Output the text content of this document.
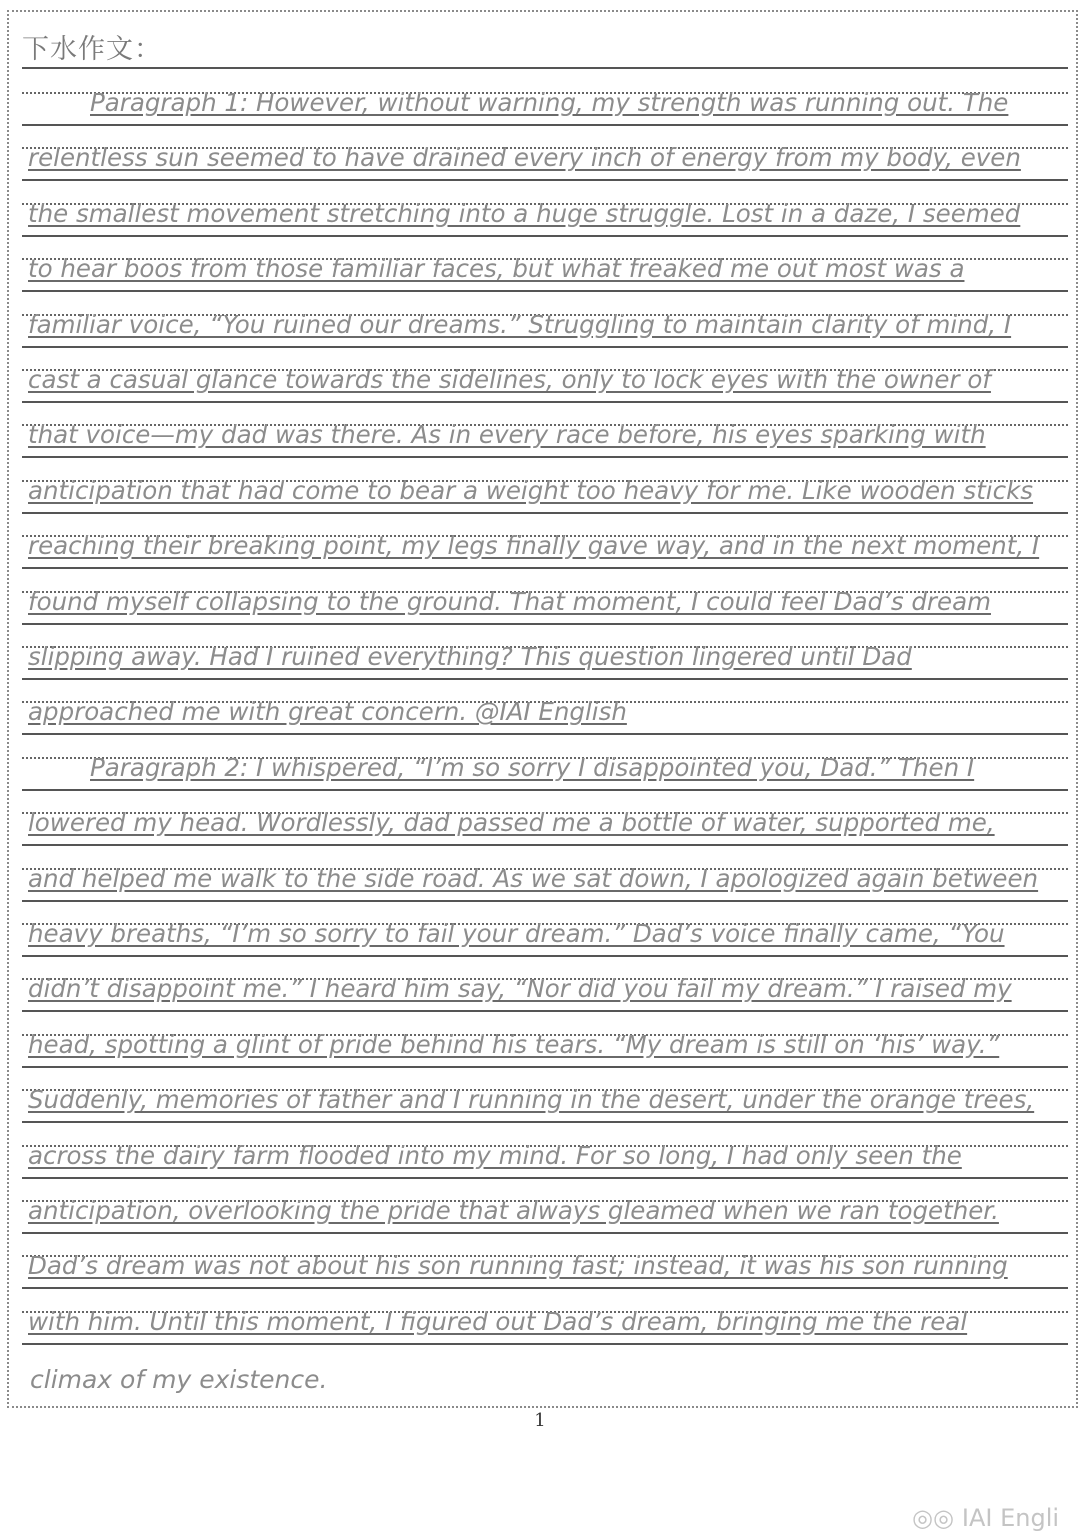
下水作文：
Paragraph 1: However, without warning, my strength was running out. The
relentless sun seemed to have drained every inch of energy from my body, even
the smallest movement stretching into a huge struggle. Lost in a daze, I seemed
to hear boos from those familiar faces, but what freaked me out most was a
familiar voice, “You ruined our dreams.” Struggling to maintain clarity of mind, I
cast a casual glance towards the sidelines, only to lock eyes with the owner of
that voice—my dad was there. As in every race before, his eyes sparking with
anticipation that had come to bear a weight too heavy for me. Like wooden sticks
reaching their breaking point, my legs finally gave way, and in the next moment, I
found myself collapsing to the ground. That moment, I could feel Dad’s dream
slipping away. Had I ruined everything? This question lingered until Dad
approached me with great concern. @IAI English
Paragraph 2: I whispered, “I’m so sorry I disappointed you, Dad.” Then I
lowered my head. Wordlessly, dad passed me a bottle of water, supported me,
and helped me walk to the side road. As we sat down, I apologized again between
heavy breaths, “I’m so sorry to fail your dream.” Dad’s voice finally came, “You
didn’t disappoint me.” I heard him say, “Nor did you fail my dream.” I raised my
head, spotting a glint of pride behind his tears. “My dream is still on ‘his’ way.”
Suddenly, memories of father and I running in the desert, under the orange trees,
across the dairy farm flooded into my mind. For so long, I had only seen the
anticipation, overlooking the pride that always gleamed when we ran together.
Dad’s dream was not about his son running fast; instead, it was his son running
with him. Until this moment, I figured out Dad’s dream, bringing me the real
climax of my existence.
1
◎◎ IAI Engli
